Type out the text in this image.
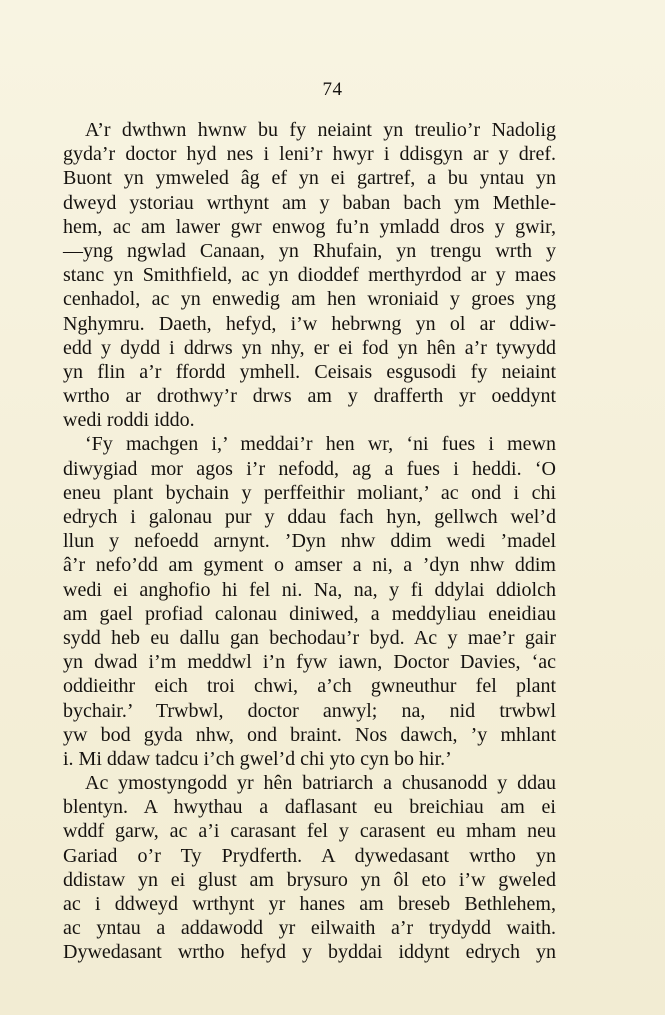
74
A’r dwthwn hwnw bu fy neiaint yn treulio’r Nadolig
gyda’r doctor hyd nes i leni’r hwyr i ddisgyn ar y dref.
Buont yn ymweled âg ef yn ei gartref, a bu yntau yn
dweyd ystoriau wrthynt am y baban bach ym Methle-
hem, ac am lawer gwr enwog fu’n ymladd dros y gwir,
—yng ngwlad Canaan, yn Rhufain, yn trengu wrth y
stanc yn Smithfield, ac yn dioddef merthyrdod ar y maes
cenhadol, ac yn enwedig am hen wroniaid y groes yng
Nghymru. Daeth, hefyd, i’w hebrwng yn ol ar ddiw-
edd y dydd i ddrws yn nhy, er ei fod yn hên a’r tywydd
yn flin a’r ffordd ymhell. Ceisais esgusodi fy neiaint
wrtho ar drothwy’r drws am y drafferth yr oeddynt
wedi roddi iddo.
‘Fy machgen i,’ meddai’r hen wr, ‘ni fues i mewn
diwygiad mor agos i’r nefodd, ag a fues i heddi. ‘O
eneu plant bychain y perffeithir moliant,’ ac ond i chi
edrych i galonau pur y ddau fach hyn, gellwch wel’d
llun y nefoedd arnynt. ’Dyn nhw ddim wedi ’madel
â’r nefo’dd am gyment o amser a ni, a ’dyn nhw ddim
wedi ei anghofio hi fel ni. Na, na, y fi ddylai ddiolch
am gael profiad calonau diniwed, a meddyliau eneidiau
sydd heb eu dallu gan bechodau’r byd. Ac y mae’r gair
yn dwad i’m meddwl i’n fyw iawn, Doctor Davies, ‘ac
oddieithr eich troi chwi, a’ch gwneuthur fel plant
bychair.’ Trwbwl, doctor anwyl; na, nid trwbwl
yw bod gyda nhw, ond braint. Nos dawch, ’y mhlant
i. Mi ddaw tadcu i’ch gwel’d chi yto cyn bo hir.’
Ac ymostyngodd yr hên batriarch a chusanodd y ddau
blentyn. A hwythau a daflasant eu breichiau am ei
wddf garw, ac a’i carasant fel y carasent eu mham neu
Gariad o’r Ty Prydferth. A dywedasant wrtho yn
ddistaw yn ei glust am brysuro yn ôl eto i’w gweled
ac i ddweyd wrthynt yr hanes am breseb Bethlehem,
ac yntau a addawodd yr eilwaith a’r trydydd waith.
Dywedasant wrtho hefyd y byddai iddynt edrych yn
